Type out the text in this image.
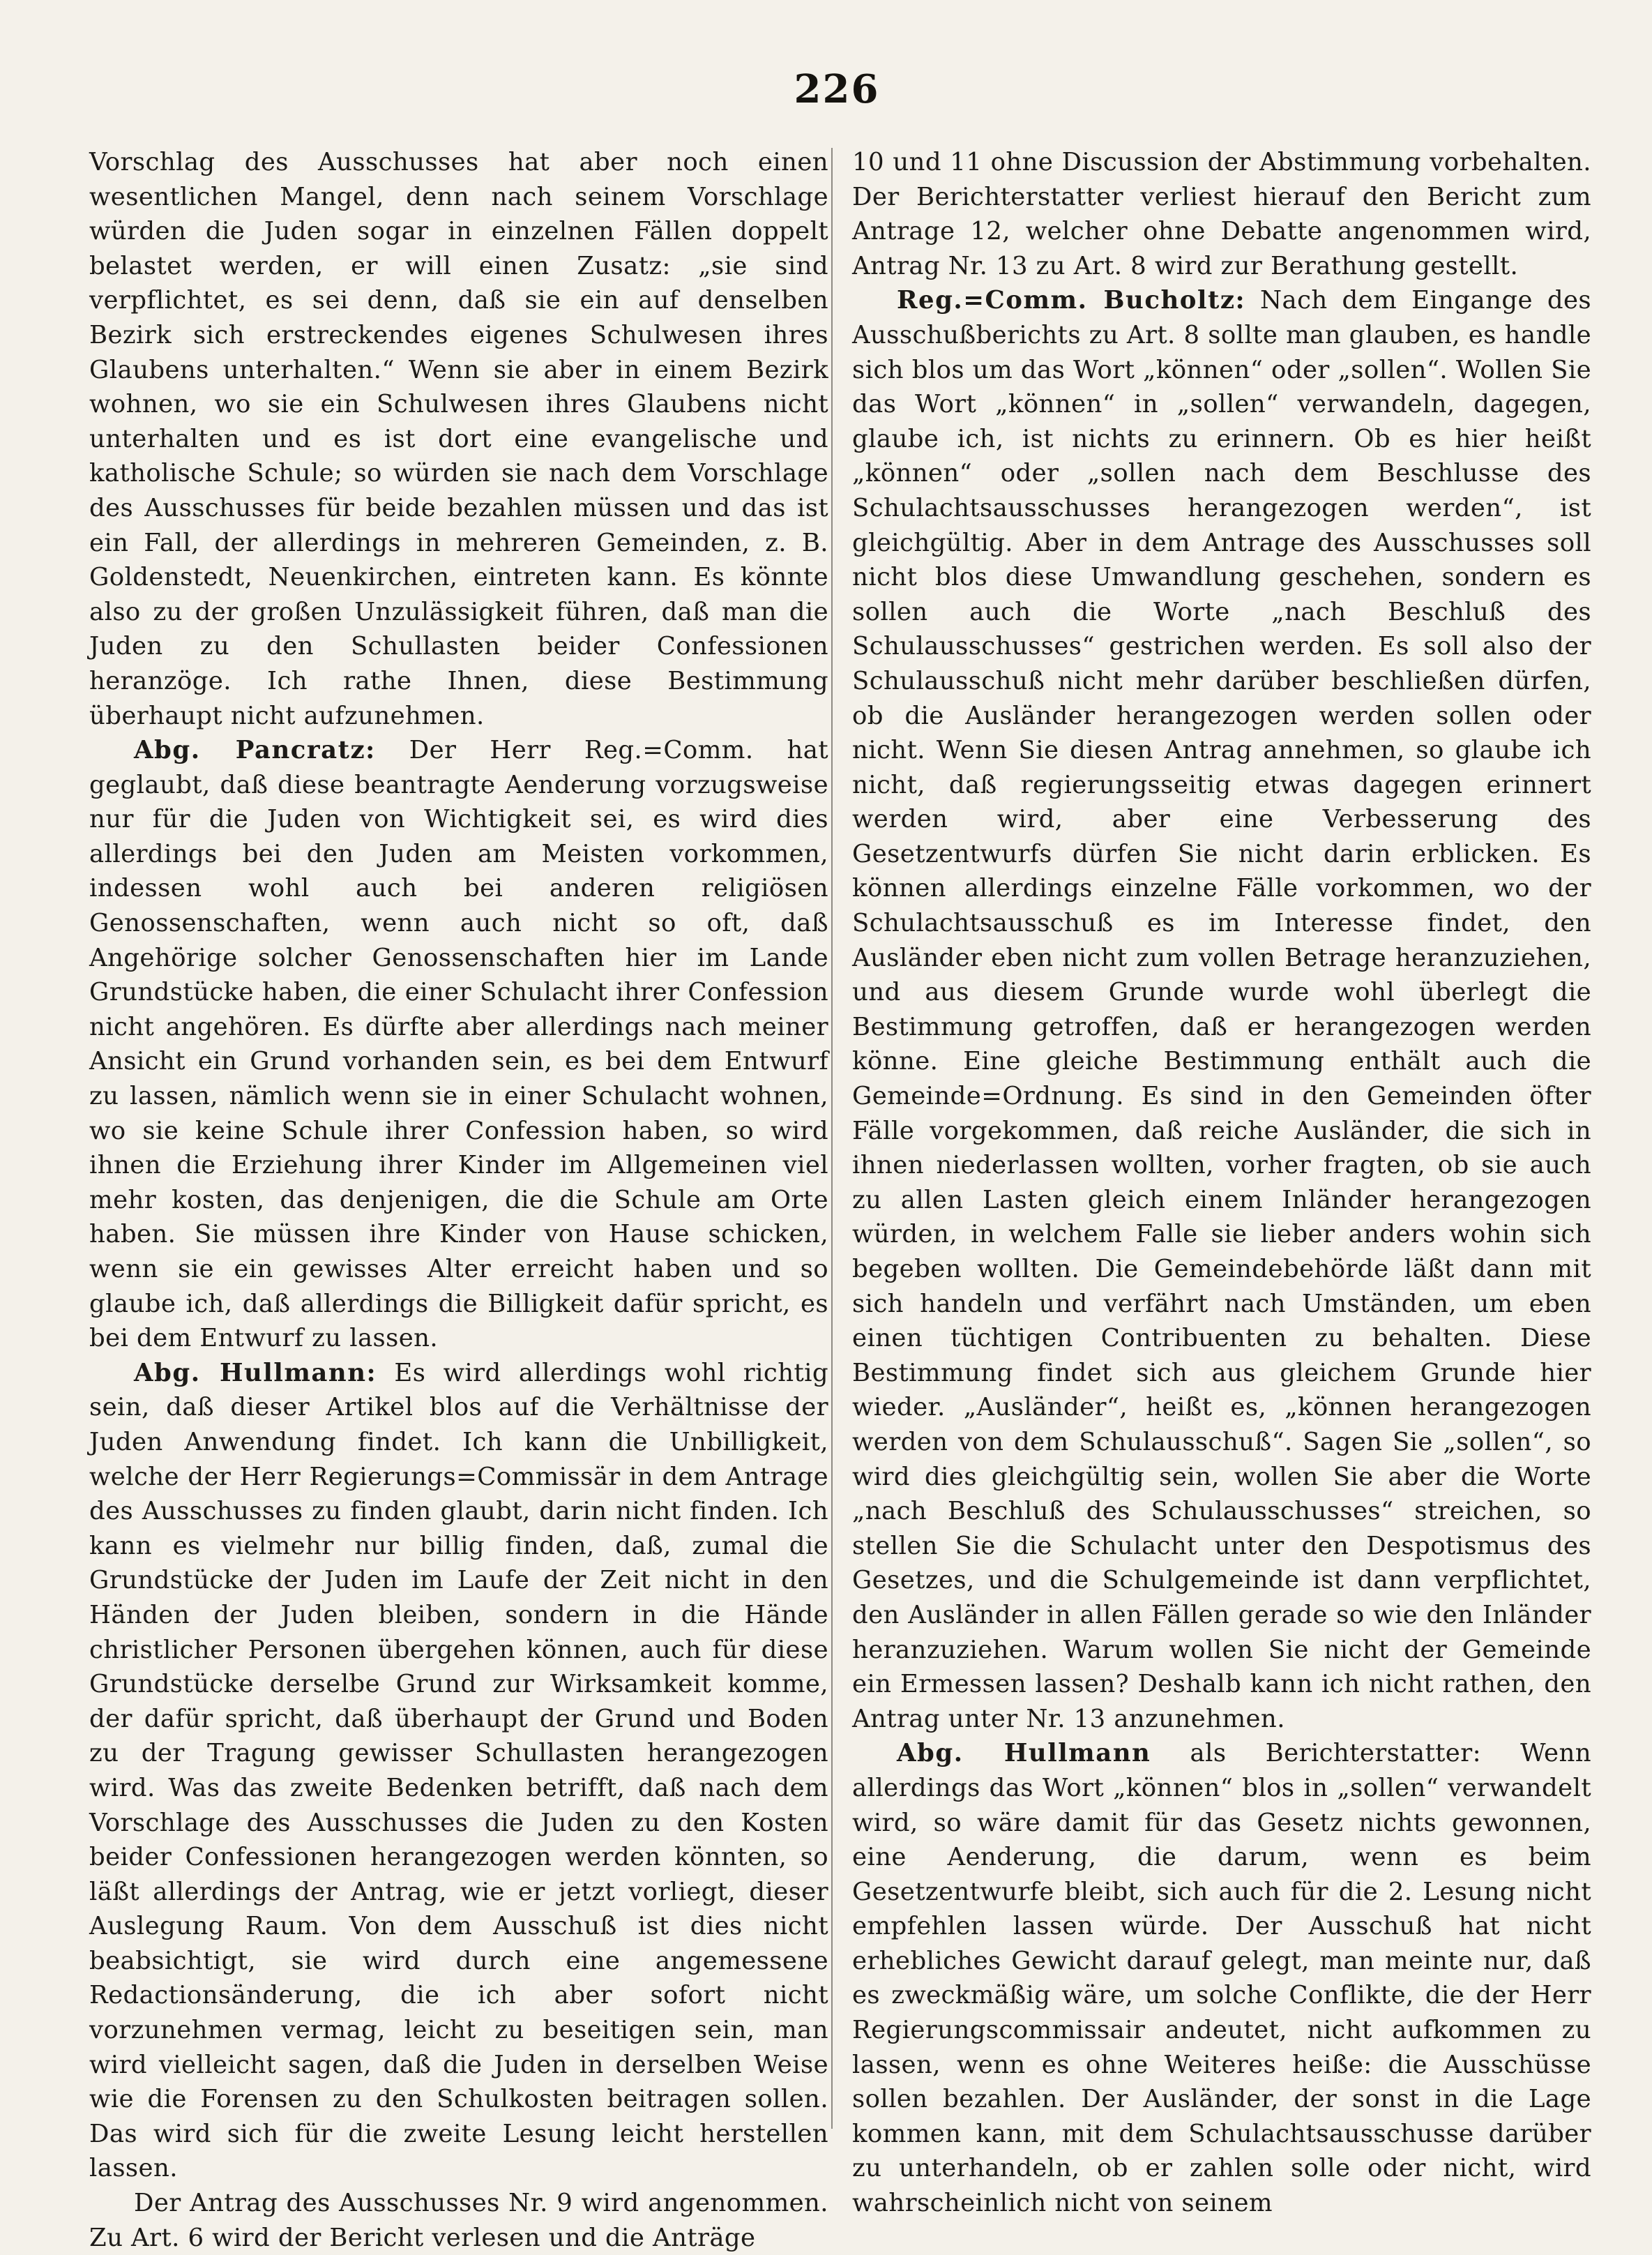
226

Vorschlag des Ausschusses hat aber noch einen wesentlichen Mangel, denn nach seinem Vorschlage würden die Juden sogar in einzelnen Fällen doppelt belastet werden, er will einen Zusatz: „sie sind verpflichtet, es sei denn, daß sie ein auf denselben Bezirk sich erstreckendes eigenes Schulwesen ihres Glaubens unterhalten.“ Wenn sie aber in einem Bezirk wohnen, wo sie ein Schulwesen ihres Glaubens nicht unterhalten und es ist dort eine evangelische und katholische Schule; so würden sie nach dem Vorschlage des Ausschusses für beide bezahlen müssen und das ist ein Fall, der allerdings in mehreren Gemeinden, z. B. Goldenstedt, Neuenkirchen, eintreten kann. Es könnte also zu der großen Unzulässigkeit führen, daß man die Juden zu den Schullasten beider Confessionen heranzöge. Ich rathe Ihnen, diese Bestimmung überhaupt nicht aufzunehmen.

Abg. Pancratz: Der Herr Reg.=Comm. hat geglaubt, daß diese beantragte Aenderung vorzugsweise nur für die Juden von Wichtigkeit sei, es wird dies allerdings bei den Juden am Meisten vorkommen, indessen wohl auch bei anderen religiösen Genossenschaften, wenn auch nicht so oft, daß Angehörige solcher Genossenschaften hier im Lande Grundstücke haben, die einer Schulacht ihrer Confession nicht angehören. Es dürfte aber allerdings nach meiner Ansicht ein Grund vorhanden sein, es bei dem Entwurf zu lassen, nämlich wenn sie in einer Schulacht wohnen, wo sie keine Schule ihrer Confession haben, so wird ihnen die Erziehung ihrer Kinder im Allgemeinen viel mehr kosten, das denjenigen, die die Schule am Orte haben. Sie müssen ihre Kinder von Hause schicken, wenn sie ein gewisses Alter erreicht haben und so glaube ich, daß allerdings die Billigkeit dafür spricht, es bei dem Entwurf zu lassen.

Abg. Hullmann: Es wird allerdings wohl richtig sein, daß dieser Artikel blos auf die Verhältnisse der Juden Anwendung findet. Ich kann die Unbilligkeit, welche der Herr Regierungs=Commissär in dem Antrage des Ausschusses zu finden glaubt, darin nicht finden. Ich kann es vielmehr nur billig finden, daß, zumal die Grundstücke der Juden im Laufe der Zeit nicht in den Händen der Juden bleiben, sondern in die Hände christlicher Personen übergehen können, auch für diese Grundstücke derselbe Grund zur Wirksamkeit komme, der dafür spricht, daß überhaupt der Grund und Boden zu der Tragung gewisser Schullasten herangezogen wird. Was das zweite Bedenken betrifft, daß nach dem Vorschlage des Ausschusses die Juden zu den Kosten beider Confessionen herangezogen werden könnten, so läßt allerdings der Antrag, wie er jetzt vorliegt, dieser Auslegung Raum. Von dem Ausschuß ist dies nicht beabsichtigt, sie wird durch eine angemessene Redactionsänderung, die ich aber sofort nicht vorzunehmen vermag, leicht zu beseitigen sein, man wird vielleicht sagen, daß die Juden in derselben Weise wie die Forensen zu den Schulkosten beitragen sollen. Das wird sich für die zweite Lesung leicht herstellen lassen.

Der Antrag des Ausschusses Nr. 9 wird angenommen. Zu Art. 6 wird der Bericht verlesen und die Anträge

10 und 11 ohne Discussion der Abstimmung vorbehalten. Der Berichterstatter verliest hierauf den Bericht zum Antrage 12, welcher ohne Debatte angenommen wird, Antrag Nr. 13 zu Art. 8 wird zur Berathung gestellt.

Reg.=Comm. Bucholtz: Nach dem Eingange des Ausschußberichts zu Art. 8 sollte man glauben, es handle sich blos um das Wort „können“ oder „sollen“. Wollen Sie das Wort „können“ in „sollen“ verwandeln, dagegen, glaube ich, ist nichts zu erinnern. Ob es hier heißt „können“ oder „sollen nach dem Beschlusse des Schulachtsausschusses herangezogen werden“, ist gleichgültig. Aber in dem Antrage des Ausschusses soll nicht blos diese Umwandlung geschehen, sondern es sollen auch die Worte „nach Beschluß des Schulausschusses“ gestrichen werden. Es soll also der Schulausschuß nicht mehr darüber beschließen dürfen, ob die Ausländer herangezogen werden sollen oder nicht. Wenn Sie diesen Antrag annehmen, so glaube ich nicht, daß regierungsseitig etwas dagegen erinnert werden wird, aber eine Verbesserung des Gesetzentwurfs dürfen Sie nicht darin erblicken. Es können allerdings einzelne Fälle vorkommen, wo der Schulachtsausschuß es im Interesse findet, den Ausländer eben nicht zum vollen Betrage heranzuziehen, und aus diesem Grunde wurde wohl überlegt die Bestimmung getroffen, daß er herangezogen werden könne. Eine gleiche Bestimmung enthält auch die Gemeinde=Ordnung. Es sind in den Gemeinden öfter Fälle vorgekommen, daß reiche Ausländer, die sich in ihnen niederlassen wollten, vorher fragten, ob sie auch zu allen Lasten gleich einem Inländer herangezogen würden, in welchem Falle sie lieber anders wohin sich begeben wollten. Die Gemeindebehörde läßt dann mit sich handeln und verfährt nach Umständen, um eben einen tüchtigen Contribuenten zu behalten. Diese Bestimmung findet sich aus gleichem Grunde hier wieder. „Ausländer“, heißt es, „können herangezogen werden von dem Schulausschuß“. Sagen Sie „sollen“, so wird dies gleichgültig sein, wollen Sie aber die Worte „nach Beschluß des Schulausschusses“ streichen, so stellen Sie die Schulacht unter den Despotismus des Gesetzes, und die Schulgemeinde ist dann verpflichtet, den Ausländer in allen Fällen gerade so wie den Inländer heranzuziehen. Warum wollen Sie nicht der Gemeinde ein Ermessen lassen? Deshalb kann ich nicht rathen, den Antrag unter Nr. 13 anzunehmen.

Abg. Hullmann als Berichterstatter: Wenn allerdings das Wort „können“ blos in „sollen“ verwandelt wird, so wäre damit für das Gesetz nichts gewonnen, eine Aenderung, die darum, wenn es beim Gesetzentwurfe bleibt, sich auch für die 2. Lesung nicht empfehlen lassen würde. Der Ausschuß hat nicht erhebliches Gewicht darauf gelegt, man meinte nur, daß es zweckmäßig wäre, um solche Conflikte, die der Herr Regierungscommissair andeutet, nicht aufkommen zu lassen, wenn es ohne Weiteres heiße: die Ausschüsse sollen bezahlen. Der Ausländer, der sonst in die Lage kommen kann, mit dem Schulachtsausschusse darüber zu unterhandeln, ob er zahlen solle oder nicht, wird wahrscheinlich nicht von seinem
